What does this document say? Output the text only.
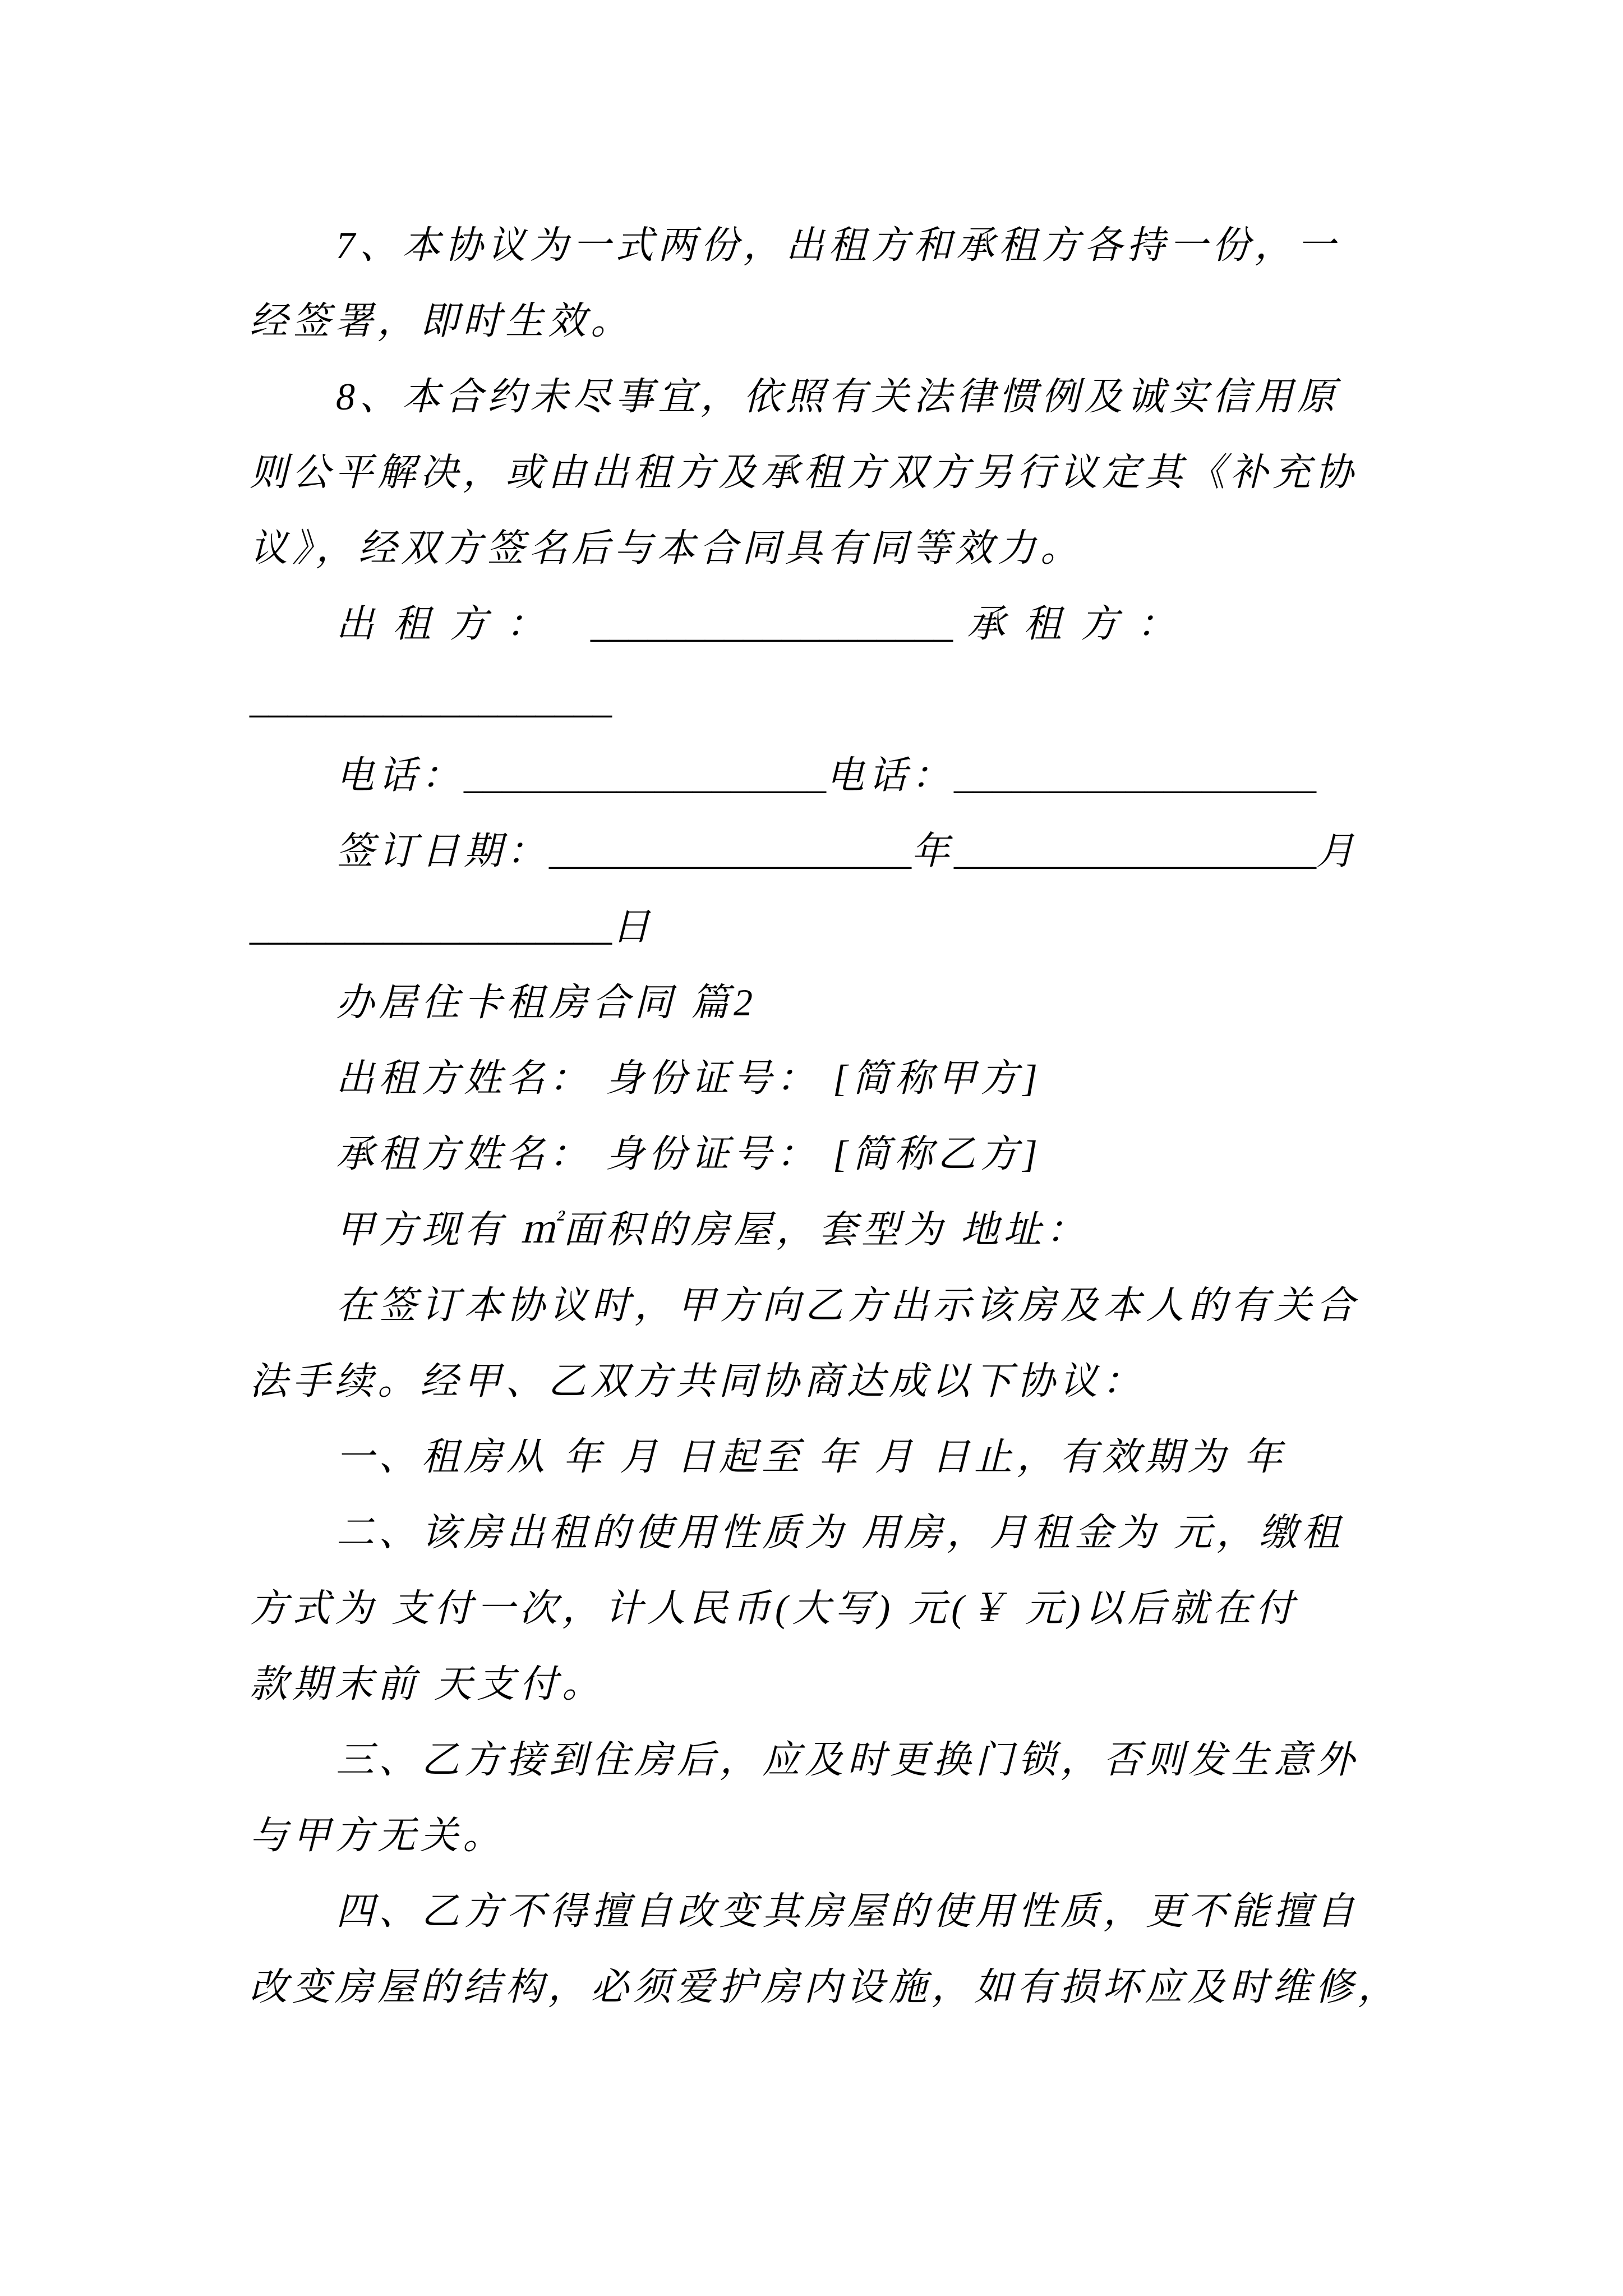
7、本协议为一式两份，出租方和承租方各持一份，一
经签署，即时生效。
8、本合约未尽事宜，依照有关法律惯例及诚实信用原
则公平解决，或由出租方及承租方双方另行议定其《补充协
议》，经双方签名后与本合同具有同等效力。
出 租 方 ：   ___________________ 承 租 方 ：
___________________
电话：___________________电话：___________________
签订日期：___________________年___________________月
___________________日
办居住卡租房合同 篇2
出租方姓名： 身份证号： [简称甲方]
承租方姓名： 身份证号： [简称乙方]
甲方现有 ㎡面积的房屋，套型为 地址：
在签订本协议时，甲方向乙方出示该房及本人的有关合
法手续。经甲、乙双方共同协商达成以下协议：
一、租房从 年 月 日起至 年 月 日止，有效期为 年
二、该房出租的使用性质为 用房，月租金为 元，缴租
方式为 支付一次，计人民币(大写) 元(￥ 元)以后就在付
款期末前 天支付。
三、乙方接到住房后，应及时更换门锁，否则发生意外
与甲方无关。
四、乙方不得擅自改变其房屋的使用性质，更不能擅自
改变房屋的结构，必须爱护房内设施，如有损坏应及时维修，
